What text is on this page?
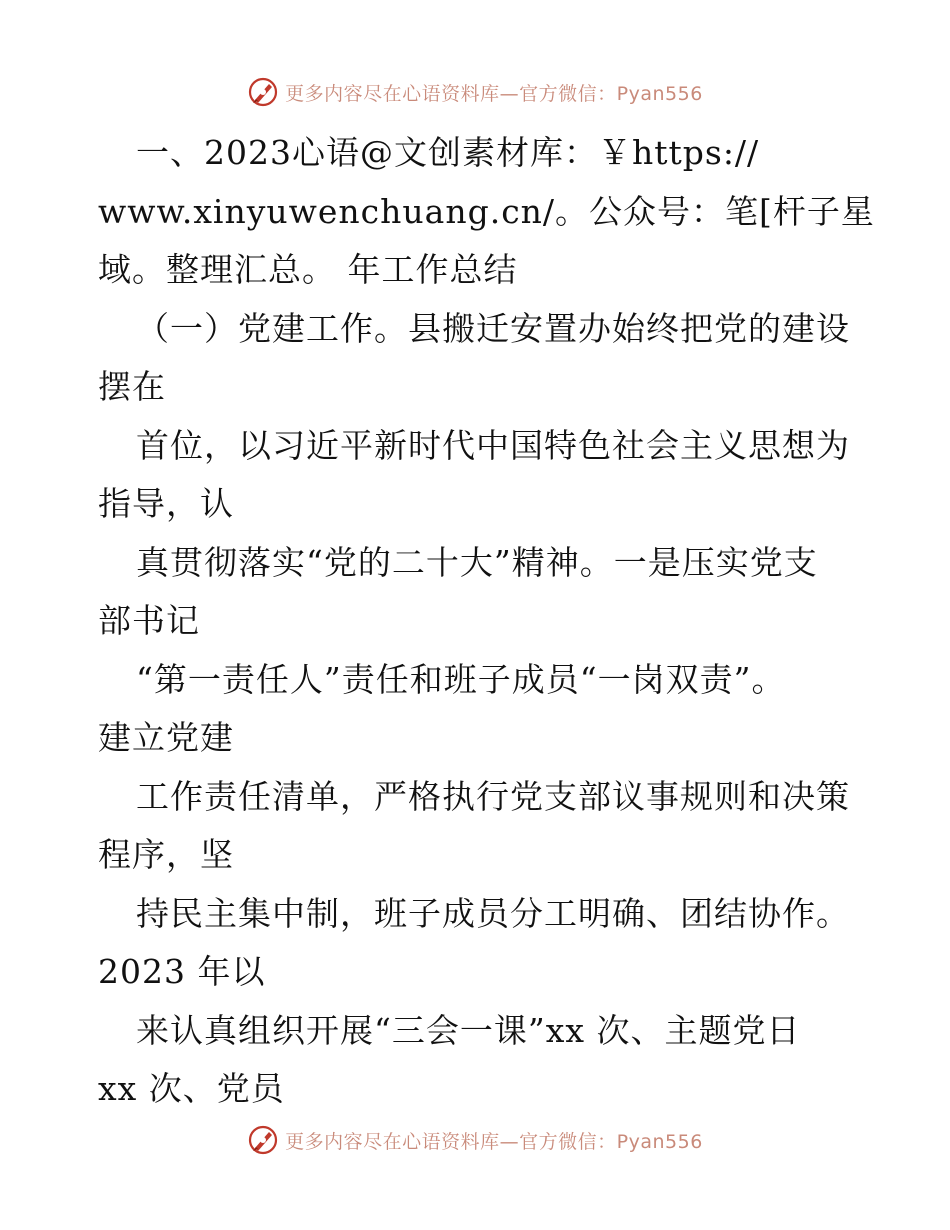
更多内容尽在心语资料库—官方微信：Pyan556
一、2023心语@文创素材库：￥https://
www.xinyuwenchuang.cn/。公众号：笔[杆子星
域。整理汇总。 年工作总结
（一）党建工作。县搬迁安置办始终把党的建设
摆在
首位，以习近平新时代中国特色社会主义思想为
指导，认
真贯彻落实“党的二十大”精神。一是压实党支
部书记
“第一责任人”责任和班子成员“一岗双责”。
建立党建
工作责任清单，严格执行党支部议事规则和决策
程序，坚
持民主集中制，班子成员分工明确、团结协作。
2023 年以
来认真组织开展“三会一课”xx 次、主题党日
xx 次、党员
更多内容尽在心语资料库—官方微信：Pyan556
